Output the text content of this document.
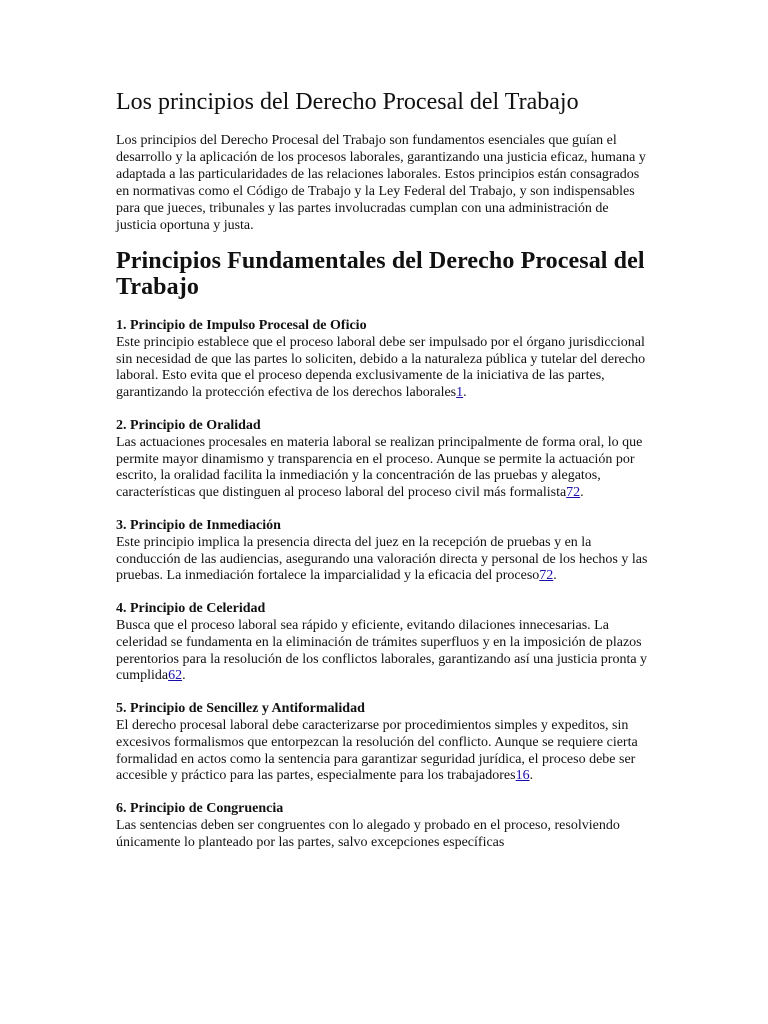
Los principios del Derecho Procesal del Trabajo

Los principios del Derecho Procesal del Trabajo son fundamentos esenciales que guían el desarrollo y la aplicación de los procesos laborales, garantizando una justicia eficaz, humana y adaptada a las particularidades de las relaciones laborales. Estos principios están consagrados en normativas como el Código de Trabajo y la Ley Federal del Trabajo, y son indispensables para que jueces, tribunales y las partes involucradas cumplan con una administración de justicia oportuna y justa.

Principios Fundamentales del Derecho Procesal del Trabajo
1. Principio de Impulso Procesal de Oficio
Este principio establece que el proceso laboral debe ser impulsado por el órgano jurisdiccional sin necesidad de que las partes lo soliciten, debido a la naturaleza pública y tutelar del derecho laboral. Esto evita que el proceso dependa exclusivamente de la iniciativa de las partes, garantizando la protección efectiva de los derechos laborales1.
2. Principio de Oralidad
Las actuaciones procesales en materia laboral se realizan principalmente de forma oral, lo que permite mayor dinamismo y transparencia en el proceso. Aunque se permite la actuación por escrito, la oralidad facilita la inmediación y la concentración de las pruebas y alegatos, características que distinguen al proceso laboral del proceso civil más formalista72.
3. Principio de Inmediación
Este principio implica la presencia directa del juez en la recepción de pruebas y en la conducción de las audiencias, asegurando una valoración directa y personal de los hechos y las pruebas. La inmediación fortalece la imparcialidad y la eficacia del proceso72.
4. Principio de Celeridad
Busca que el proceso laboral sea rápido y eficiente, evitando dilaciones innecesarias. La celeridad se fundamenta en la eliminación de trámites superfluos y en la imposición de plazos perentorios para la resolución de los conflictos laborales, garantizando así una justicia pronta y cumplida62.
5. Principio de Sencillez y Antiformalidad
El derecho procesal laboral debe caracterizarse por procedimientos simples y expeditos, sin excesivos formalismos que entorpezcan la resolución del conflicto. Aunque se requiere cierta formalidad en actos como la sentencia para garantizar seguridad jurídica, el proceso debe ser accesible y práctico para las partes, especialmente para los trabajadores16.
6. Principio de Congruencia
Las sentencias deben ser congruentes con lo alegado y probado en el proceso, resolviendo únicamente lo planteado por las partes, salvo excepciones específicas
